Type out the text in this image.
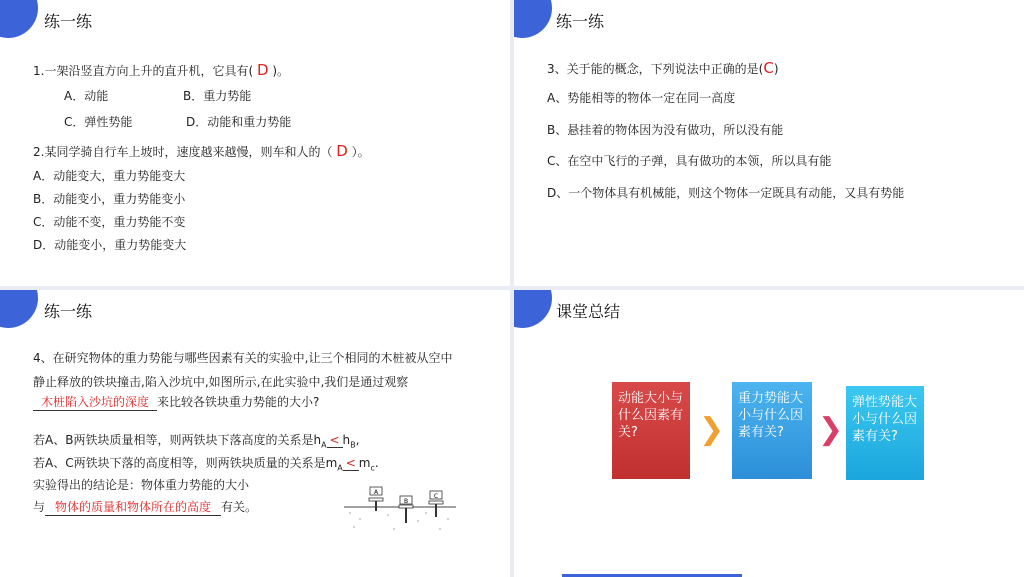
练一练
1.一架沿竖直方向上升的直升机，它具有( D )。
A．动能	B．重力势能
C．弹性势能	D．动能和重力势能
2.某同学骑自行车上坡时，速度越来越慢，则车和人的（ D ）。
A．动能变大，重力势能变大
B．动能变小，重力势能变小
C．动能不变，重力势能不变
D．动能变小，重力势能变大
练一练
3、关于能的概念，下列说法中正确的是(C)
A、势能相等的物体一定在同一高度
B、悬挂着的物体因为没有做功，所以没有能
C、在空中飞行的子弹，具有做功的本领，所以具有能
D、一个物体具有机械能，则这个物体一定既具有动能，又具有势能
练一练
4、在研究物体的重力势能与哪些因素有关的实验中,让三个相同的木桩被从空中
静止释放的铁块撞击,陷入沙坑中,如图所示,在此实验中,我们是通过观察
木桩陷入沙坑的深度 来比较各铁块重力势能的大小?
若A、B两铁块质量相等，则两铁块下落高度的关系是$h_A < h_B$,
若A、C两铁块下落的高度相等，则两铁块质量的关系是$m_A < m_c$.
实验得出的结论是：物体重力势能的大小
与 物体的质量和物体所在的高度 有关。
A
B
C
课堂总结
动能大小与什么因素有关?	❯
重力势能大小与什么因素有关?	❯
弹性势能大小与什么因素有关?
